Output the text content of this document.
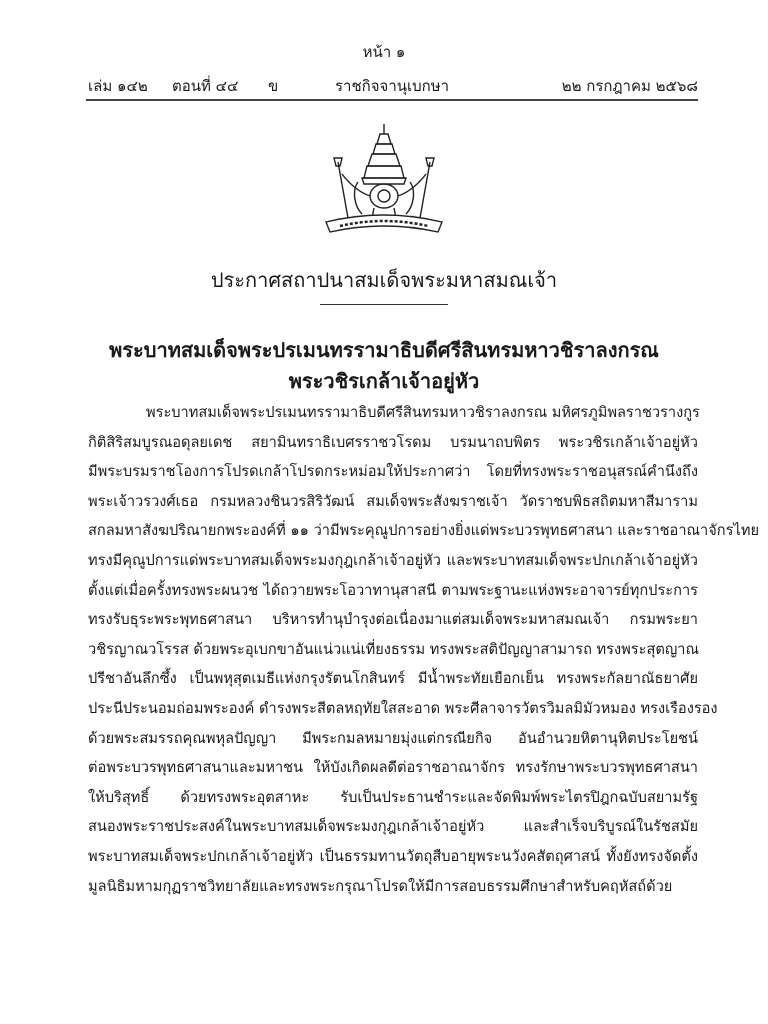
หน้า ๑
เล่ม ๑๔๒ ตอนที่ ๔๔ ข	ราชกิจจานุเบกษา	๒๒ กรกฎาคม ๒๕๖๘
ประกาศสถาปนาสมเด็จพระมหาสมณเจ้า
พระบาทสมเด็จพระปรเมนทรรามาธิบดีศรีสินทรมหาวชิราลงกรณ
พระวชิรเกล้าเจ้าอยู่หัว
พระบาทสมเด็จพระปรเมนทรรามาธิบดีศรีสินทรมหาวชิราลงกรณ มหิศรภูมิพลราชวรางกูร
กิติสิริสมบูรณอดุลยเดช สยามินทราธิเบศรราชวโรดม บรมนาถบพิตร พระวชิรเกล้าเจ้าอยู่หัว
มีพระบรมราชโองการโปรดเกล้าโปรดกระหม่อมให้ประกาศว่า โดยที่ทรงพระราชอนุสรณ์คำนึงถึง
พระเจ้าวรวงศ์เธอ กรมหลวงชินวรสิริวัฒน์ สมเด็จพระสังฆราชเจ้า วัดราชบพิธสถิตมหาสีมาราม
สกลมหาสังฆปริณายกพระองค์ที่ ๑๑ ว่ามีพระคุณูปการอย่างยิ่งแด่พระบวรพุทธศาสนา และราชอาณาจักรไทย
ทรงมีคุณูปการแด่พระบาทสมเด็จพระมงกุฎเกล้าเจ้าอยู่หัว และพระบาทสมเด็จพระปกเกล้าเจ้าอยู่หัว
ตั้งแต่เมื่อครั้งทรงพระผนวช ได้ถวายพระโอวาทานุสาสนี ตามพระฐานะแห่งพระอาจารย์ทุกประการ
ทรงรับธุระพระพุทธศาสนา บริหารทำนุบำรุงต่อเนื่องมาแต่สมเด็จพระมหาสมณเจ้า กรมพระยา
วชิรญาณวโรรส ด้วยพระอุเบกขาอันแน่วแน่เที่ยงธรรม ทรงพระสติปัญญาสามารถ ทรงพระสุตญาณ
ปรีชาอันลึกซึ้ง เป็นพหุสุตเมธีแห่งกรุงรัตนโกสินทร์ มีน้ำพระทัยเยือกเย็น ทรงพระกัลยาณัธยาศัย
ประนีประนอมถ่อมพระองค์ ดำรงพระสีตลหฤทัยใสสะอาด พระศีลาจารวัตรวิมลมิมัวหมอง ทรงเรืองรอง
ด้วยพระสมรรถคุณพหุลปัญญา มีพระกมลหมายมุ่งแต่กรณียกิจ อันอำนวยหิตานุหิตประโยชน์
ต่อพระบวรพุทธศาสนาและมหาชน ให้บังเกิดผลดีต่อราชอาณาจักร ทรงรักษาพระบวรพุทธศาสนา
ให้บริสุทธิ์ ด้วยทรงพระอุตสาหะ รับเป็นประธานชำระและจัดพิมพ์พระไตรปิฎกฉบับสยามรัฐ
สนองพระราชประสงค์ในพระบาทสมเด็จพระมงกุฎเกล้าเจ้าอยู่หัว และสำเร็จบริบูรณ์ในรัชสมัย
พระบาทสมเด็จพระปกเกล้าเจ้าอยู่หัว เป็นธรรมทานวัตถุสืบอายุพระนวังคสัตถุศาสน์ ทั้งยังทรงจัดตั้ง
มูลนิธิมหามกุฏราชวิทยาลัยและทรงพระกรุณาโปรดให้มีการสอบธรรมศึกษาสำหรับคฤหัสถ์ด้วย
